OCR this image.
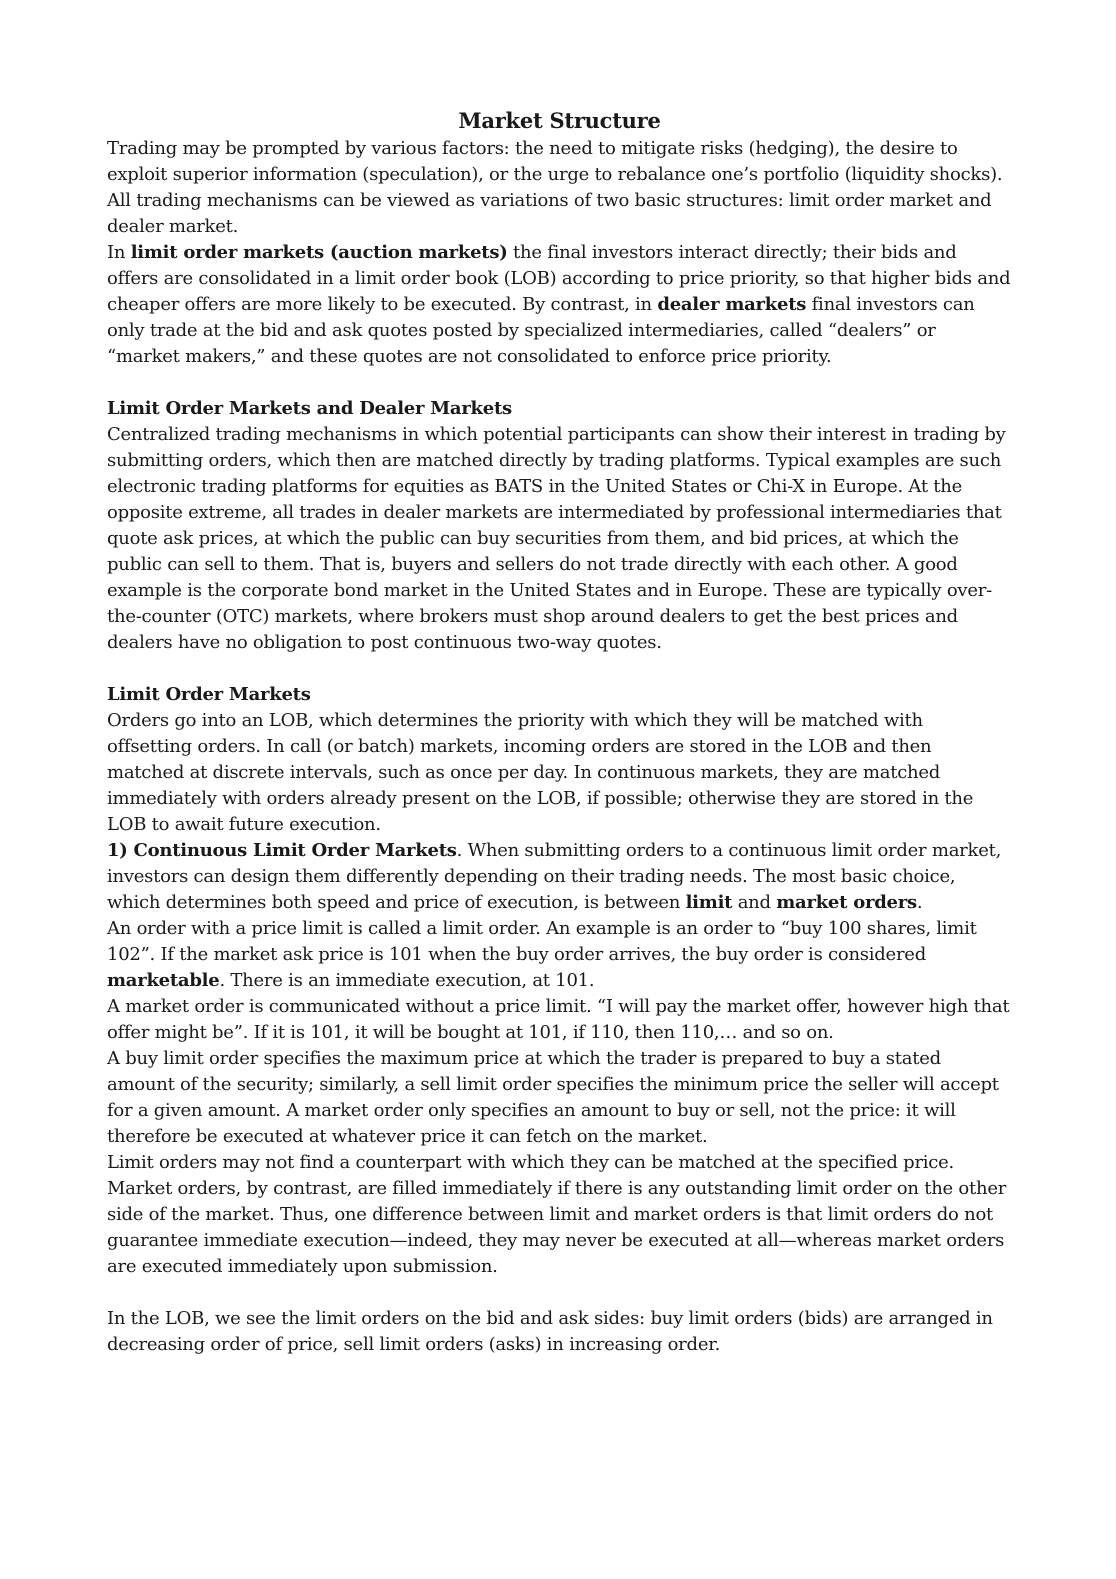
Market Structure

Trading may be prompted by various factors: the need to mitigate risks (hedging), the desire to exploit superior information (speculation), or the urge to rebalance one’s portfolio (liquidity shocks).

All trading mechanisms can be viewed as variations of two basic structures: limit order market and dealer market.

In limit order markets (auction markets) the final investors interact directly; their bids and offers are consolidated in a limit order book (LOB) according to price priority, so that higher bids and cheaper offers are more likely to be executed. By contrast, in dealer markets final investors can only trade at the bid and ask quotes posted by specialized intermediaries, called “dealers” or “market makers,” and these quotes are not consolidated to enforce price priority.

Limit Order Markets and Dealer Markets

Centralized trading mechanisms in which potential participants can show their interest in trading by submitting orders, which then are matched directly by trading platforms. Typical examples are such electronic trading platforms for equities as BATS in the United States or Chi-X in Europe. At the opposite extreme, all trades in dealer markets are intermediated by professional intermediaries that quote ask prices, at which the public can buy securities from them, and bid prices, at which the public can sell to them. That is, buyers and sellers do not trade directly with each other. A good example is the corporate bond market in the United States and in Europe. These are typically over-the-counter (OTC) markets, where brokers must shop around dealers to get the best prices and dealers have no obligation to post continuous two-way quotes.

Limit Order Markets

Orders go into an LOB, which determines the priority with which they will be matched with offsetting orders. In call (or batch) markets, incoming orders are stored in the LOB and then matched at discrete intervals, such as once per day. In continuous markets, they are matched immediately with orders already present on the LOB, if possible; otherwise they are stored in the LOB to await future execution.

1) Continuous Limit Order Markets. When submitting orders to a continuous limit order market, investors can design them differently depending on their trading needs. The most basic choice, which determines both speed and price of execution, is between limit and market orders.

An order with a price limit is called a limit order. An example is an order to “buy 100 shares, limit 102”. If the market ask price is 101 when the buy order arrives, the buy order is considered marketable. There is an immediate execution, at 101.

A market order is communicated without a price limit. “I will pay the market offer, however high that offer might be”. If it is 101, it will be bought at 101, if 110, then 110,… and so on.

A buy limit order specifies the maximum price at which the trader is prepared to buy a stated amount of the security; similarly, a sell limit order specifies the minimum price the seller will accept for a given amount. A market order only specifies an amount to buy or sell, not the price: it will therefore be executed at whatever price it can fetch on the market.

Limit orders may not find a counterpart with which they can be matched at the specified price. Market orders, by contrast, are filled immediately if there is any outstanding limit order on the other side of the market. Thus, one difference between limit and market orders is that limit orders do not guarantee immediate execution—indeed, they may never be executed at all—whereas market orders are executed immediately upon submission.

In the LOB, we see the limit orders on the bid and ask sides: buy limit orders (bids) are arranged in decreasing order of price, sell limit orders (asks) in increasing order.
